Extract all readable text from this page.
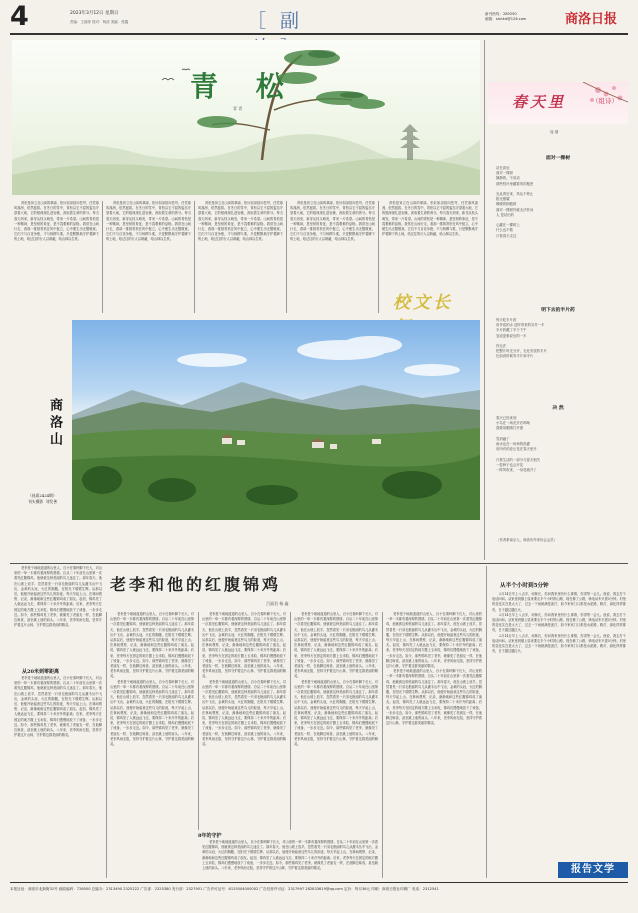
4	2023年3月12日 星期日
责编：王丽萍 校对：杨清 美编：张鑫	［副	新刊热线：289250
邮箱：slshkd@126.com	商洛日报
青 松
青 青

青松是耸立在山岗的翠绿，松针如剑指向苍穹，任凭寒风凛冽，依然挺拔。在冬日的雪中，青松以它不屈的姿态守望着大地，它的根深深扎进岩缝，汲取着生命的养分。每当春天到来，新芽从枝头萌发，带来一片希望。山间的青松是一种精神，是坚韧的象征，是不畏艰难的品格。我常在山间行走，看那一排排青松在风中挺立，心中便生出无限敬意。它们不与百花争艳，不与杨柳斗柔，只是默默地守护着脚下的土地，给过往的行人以荫蔽，给山林以生机。

青松是耸立在山岗的翠绿，松针如剑指向苍穹，任凭寒风凛冽，依然挺拔。在冬日的雪中，青松以它不屈的姿态守望着大地，它的根深深扎进岩缝，汲取着生命的养分。每当春天到来，新芽从枝头萌发，带来一片希望。山间的青松是一种精神，是坚韧的象征，是不畏艰难的品格。我常在山间行走，看那一排排青松在风中挺立，心中便生出无限敬意。它们不与百花争艳，不与杨柳斗柔，只是默默地守护着脚下的土地，给过往的行人以荫蔽，给山林以生机。

青松是耸立在山岗的翠绿，松针如剑指向苍穹，任凭寒风凛冽，依然挺拔。在冬日的雪中，青松以它不屈的姿态守望着大地，它的根深深扎进岩缝，汲取着生命的养分。每当春天到来，新芽从枝头萌发，带来一片希望。山间的青松是一种精神，是坚韧的象征，是不畏艰难的品格。我常在山间行走，看那一排排青松在风中挺立，心中便生出无限敬意。它们不与百花争艳，不与杨柳斗柔，只是默默地守护着脚下的土地，给过往的行人以荫蔽，给山林以生机。

青松是耸立在山岗的翠绿，松针如剑指向苍穹，任凭寒风凛冽，依然挺拔。在冬日的雪中，青松以它不屈的姿态守望着大地，它的根深深扎进岩缝，汲取着生命的养分。每当春天到来，新芽从枝头萌发，带来一片希望。山间的青松是一种精神，是坚韧的象征，是不畏艰难的品格。我常在山间行走，看那一排排青松在风中挺立，心中便生出无限敬意。它们不与百花争艳，不与杨柳斗柔，只是默默地守护着脚下的土地，给过往的行人以荫蔽，给山林以生机。

青松是耸立在山岗的翠绿，松针如剑指向苍穹，任凭寒风凛冽，依然挺拔。在冬日的雪中，青松以它不屈的姿态守望着大地，它的根深深扎进岩缝，汲取着生命的养分。每当春天到来，新芽从枝头萌发，带来一片希望。山间的青松是一种精神，是坚韧的象征，是不畏艰难的品格。我常在山间行走，看那一排排青松在风中挺立，心中便生出无限敬意。它们不与百花争艳，不与杨柳斗柔，只是默默地守护着脚下的土地，给过往的行人以荫蔽，给山林以生机。

校文长
商洛山
（丝质2424期）
刊头摄影  刘发善
春天里	（组诗）
庞 瑞
面对一棵树
站在高处
面对一棵树
静静的，不说话
那些枝叶里藏着风的秘密

光从背后来，风从不停止
阳光照耀
暖暖的拥抱树
面对一棵树你就无法转身
人 是站出的

心藏在一棵树上
什么也不做
只看春天走过
明下去的半片药
每天吃半片药
用矛盾的水 送时带来的另外一半
半片药藏了半个下午
变成更难说出的一半

你无法
把整片时光分开，无处安放的半片
比如说时候有半片和半片
决 然
春天已经来到
小鸟在一场花开后鸣啭
我要用眼睛打开窗

雪消融了
雨水也在一场场的洗濯
用所有的爱让花在春天里开

只要生活的一部分与春天相关
一粒种子也会开花
一阵风吹来，一朵花就开了
（作者系南京人，商洛市作家协会会员）
老李和他的红腹锦鸡
吕丽君 杨 鑫

老李是个地地道道的山里人，自小在秦岭脚下长大，对山里的一草一木都有着深厚的感情。自从二十年前在山里第一次看见红腹锦鸡，他就被这种美丽的鸟儿迷住了。那年春天，他在山坡上放羊，忽然看见一只羽毛艳丽的鸟儿从灌木丛中飞出，金黄的头冠，火红的胸腹，在阳光下熠熠生辉。从那以后，他便开始留意这些鸟儿的踪迹，每天早起上山，在林间观察、记录，渐渐地和这些红腹锦鸡成了朋友。起初，锦鸡见了人就远远飞走，要保持二十米开外的距离；后来，老李每天在固定的地方撒上玉米粒，锦鸡们慢慢地放下了戒备，一步步走近。如今，那些锦鸡见了老李，就像见了老朋友一样，在他脚边啄食，甚至跳上他的肩头。八年来，老李风雨无阻，坚持守护着这片山林，守护着这群美丽的精灵。

从20米到零距离

老李是个地地道道的山里人，自小在秦岭脚下长大，对山里的一草一木都有着深厚的感情。自从二十年前在山里第一次看见红腹锦鸡，他就被这种美丽的鸟儿迷住了。那年春天，他在山坡上放羊，忽然看见一只羽毛艳丽的鸟儿从灌木丛中飞出，金黄的头冠，火红的胸腹，在阳光下熠熠生辉。从那以后，他便开始留意这些鸟儿的踪迹，每天早起上山，在林间观察、记录，渐渐地和这些红腹锦鸡成了朋友。起初，锦鸡见了人就远远飞走，要保持二十米开外的距离；后来，老李每天在固定的地方撒上玉米粒，锦鸡们慢慢地放下了戒备，一步步走近。如今，那些锦鸡见了老李，就像见了老朋友一样，在他脚边啄食，甚至跳上他的肩头。八年来，老李风雨无阻，坚持守护着这片山林，守护着这群美丽的精灵。

老李是个地地道道的山里人，自小在秦岭脚下长大，对山里的一草一木都有着深厚的感情。自从二十年前在山里第一次看见红腹锦鸡，他就被这种美丽的鸟儿迷住了。那年春天，他在山坡上放羊，忽然看见一只羽毛艳丽的鸟儿从灌木丛中飞出，金黄的头冠，火红的胸腹，在阳光下熠熠生辉。从那以后，他便开始留意这些鸟儿的踪迹，每天早起上山，在林间观察、记录，渐渐地和这些红腹锦鸡成了朋友。起初，锦鸡见了人就远远飞走，要保持二十米开外的距离；后来，老李每天在固定的地方撒上玉米粒，锦鸡们慢慢地放下了戒备，一步步走近。如今，那些锦鸡见了老李，就像见了老朋友一样，在他脚边啄食，甚至跳上他的肩头。八年来，老李风雨无阻，坚持守护着这片山林，守护着这群美丽的精灵。

老李是个地地道道的山里人，自小在秦岭脚下长大，对山里的一草一木都有着深厚的感情。自从二十年前在山里第一次看见红腹锦鸡，他就被这种美丽的鸟儿迷住了。那年春天，他在山坡上放羊，忽然看见一只羽毛艳丽的鸟儿从灌木丛中飞出，金黄的头冠，火红的胸腹，在阳光下熠熠生辉。从那以后，他便开始留意这些鸟儿的踪迹，每天早起上山，在林间观察、记录，渐渐地和这些红腹锦鸡成了朋友。起初，锦鸡见了人就远远飞走，要保持二十米开外的距离；后来，老李每天在固定的地方撒上玉米粒，锦鸡们慢慢地放下了戒备，一步步走近。如今，那些锦鸡见了老李，就像见了老朋友一样，在他脚边啄食，甚至跳上他的肩头。八年来，老李风雨无阻，坚持守护着这片山林，守护着这群美丽的精灵。

老李是个地地道道的山里人，自小在秦岭脚下长大，对山里的一草一木都有着深厚的感情。自从二十年前在山里第一次看见红腹锦鸡，他就被这种美丽的鸟儿迷住了。那年春天，他在山坡上放羊，忽然看见一只羽毛艳丽的鸟儿从灌木丛中飞出，金黄的头冠，火红的胸腹，在阳光下熠熠生辉。从那以后，他便开始留意这些鸟儿的踪迹，每天早起上山，在林间观察、记录，渐渐地和这些红腹锦鸡成了朋友。起初，锦鸡见了人就远远飞走，要保持二十米开外的距离；后来，老李每天在固定的地方撒上玉米粒，锦鸡们慢慢地放下了戒备，一步步走近。如今，那些锦鸡见了老李，就像见了老朋友一样，在他脚边啄食，甚至跳上他的肩头。八年来，老李风雨无阻，坚持守护着这片山林，守护着这群美丽的精灵。

老李是个地地道道的山里人，自小在秦岭脚下长大，对山里的一草一木都有着深厚的感情。自从二十年前在山里第一次看见红腹锦鸡，他就被这种美丽的鸟儿迷住了。那年春天，他在山坡上放羊，忽然看见一只羽毛艳丽的鸟儿从灌木丛中飞出，金黄的头冠，火红的胸腹，在阳光下熠熠生辉。从那以后，他便开始留意这些鸟儿的踪迹，每天早起上山，在林间观察、记录，渐渐地和这些红腹锦鸡成了朋友。起初，锦鸡见了人就远远飞走，要保持二十米开外的距离；后来，老李每天在固定的地方撒上玉米粒，锦鸡们慢慢地放下了戒备，一步步走近。如今，那些锦鸡见了老李，就像见了老朋友一样，在他脚边啄食，甚至跳上他的肩头。八年来，老李风雨无阻，坚持守护着这片山林，守护着这群美丽的精灵。

8年的守护

老李是个地地道道的山里人，自小在秦岭脚下长大，对山里的一草一木都有着深厚的感情。自从二十年前在山里第一次看见红腹锦鸡，他就被这种美丽的鸟儿迷住了。那年春天，他在山坡上放羊，忽然看见一只羽毛艳丽的鸟儿从灌木丛中飞出，金黄的头冠，火红的胸腹，在阳光下熠熠生辉。从那以后，他便开始留意这些鸟儿的踪迹，每天早起上山，在林间观察、记录，渐渐地和这些红腹锦鸡成了朋友。起初，锦鸡见了人就远远飞走，要保持二十米开外的距离；后来，老李每天在固定的地方撒上玉米粒，锦鸡们慢慢地放下了戒备，一步步走近。如今，那些锦鸡见了老李，就像见了老朋友一样，在他脚边啄食，甚至跳上他的肩头。八年来，老李风雨无阻，坚持守护着这片山林，守护着这群美丽的精灵。

老李是个地地道道的山里人，自小在秦岭脚下长大，对山里的一草一木都有着深厚的感情。自从二十年前在山里第一次看见红腹锦鸡，他就被这种美丽的鸟儿迷住了。那年春天，他在山坡上放羊，忽然看见一只羽毛艳丽的鸟儿从灌木丛中飞出，金黄的头冠，火红的胸腹，在阳光下熠熠生辉。从那以后，他便开始留意这些鸟儿的踪迹，每天早起上山，在林间观察、记录，渐渐地和这些红腹锦鸡成了朋友。起初，锦鸡见了人就远远飞走，要保持二十米开外的距离；后来，老李每天在固定的地方撒上玉米粒，锦鸡们慢慢地放下了戒备，一步步走近。如今，那些锦鸡见了老李，就像见了老朋友一样，在他脚边啄食，甚至跳上他的肩头。八年来，老李风雨无阻，坚持守护着这片山林，守护着这群美丽的精灵。

老李是个地地道道的山里人，自小在秦岭脚下长大，对山里的一草一木都有着深厚的感情。自从二十年前在山里第一次看见红腹锦鸡，他就被这种美丽的鸟儿迷住了。那年春天，他在山坡上放羊，忽然看见一只羽毛艳丽的鸟儿从灌木丛中飞出，金黄的头冠，火红的胸腹，在阳光下熠熠生辉。从那以后，他便开始留意这些鸟儿的踪迹，每天早起上山，在林间观察、记录，渐渐地和这些红腹锦鸡成了朋友。起初，锦鸡见了人就远远飞走，要保持二十米开外的距离；后来，老李每天在固定的地方撒上玉米粒，锦鸡们慢慢地放下了戒备，一步步走近。如今，那些锦鸡见了老李，就像见了老朋友一样，在他脚边啄食，甚至跳上他的肩头。八年来，老李风雨无阻，坚持守护着这片山林，守护着这群美丽的精灵。

老李是个地地道道的山里人，自小在秦岭脚下长大，对山里的一草一木都有着深厚的感情。自从二十年前在山里第一次看见红腹锦鸡，他就被这种美丽的鸟儿迷住了。那年春天，他在山坡上放羊，忽然看见一只羽毛艳丽的鸟儿从灌木丛中飞出，金黄的头冠，火红的胸腹，在阳光下熠熠生辉。从那以后，他便开始留意这些鸟儿的踪迹，每天早起上山，在林间观察、记录，渐渐地和这些红腹锦鸡成了朋友。起初，锦鸡见了人就远远飞走，要保持二十米开外的距离；后来，老李每天在固定的地方撒上玉米粒，锦鸡们慢慢地放下了戒备，一步步走近。如今，那些锦鸡见了老李，就像见了老朋友一样，在他脚边啄食，甚至跳上他的肩头。八年来，老李风雨无阻，坚持守护着这片山林，守护着这群美丽的精灵。

老李是个地地道道的山里人，自小在秦岭脚下长大，对山里的一草一木都有着深厚的感情。自从二十年前在山里第一次看见红腹锦鸡，他就被这种美丽的鸟儿迷住了。那年春天，他在山坡上放羊，忽然看见一只羽毛艳丽的鸟儿从灌木丛中飞出，金黄的头冠，火红的胸腹，在阳光下熠熠生辉。从那以后，他便开始留意这些鸟儿的踪迹，每天早起上山，在林间观察、记录，渐渐地和这些红腹锦鸡成了朋友。起初，锦鸡见了人就远远飞走，要保持二十米开外的距离；后来，老李每天在固定的地方撒上玉米粒，锦鸡们慢慢地放下了戒备，一步步走近。如今，那些锦鸡见了老李，就像见了老朋友一样，在他脚边啄食，甚至跳上他的肩头。八年来，老李风雨无阻，坚持守护着这片山林，守护着这群美丽的精灵。

从半个小时到5分钟

2月14日早上八点多，何林长，你问我家里有什么事情，你得等一会儿。他说，我去打个电话问问。从家里到镇上原来要走半个小时的山路，现在修了公路，骑电动车只需5分钟。村里的变化实在是太大了，过去一下雨就满是泥泞，如今家家门口都是水泥路，路灯、绿化样样都有，日子越过越红火。

2月14日早上八点多，何林长，你问我家里有什么事情，你得等一会儿。他说，我去打个电话问问。从家里到镇上原来要走半个小时的山路，现在修了公路，骑电动车只需5分钟。村里的变化实在是太大了，过去一下雨就满是泥泞，如今家家门口都是水泥路，路灯、绿化样样都有，日子越过越红火。

2月14日早上八点多，何林长，你问我家里有什么事情，你得等一会儿。他说，我去打个电话问问。从家里到镇上原来要走半个小时的山路，现在修了公路，骑电动车只需5分钟。村里的变化实在是太大了，过去一下雨就满是泥泞，如今家家门口都是水泥路，路灯、绿化样样都有，日子越过越红火。

报告文学
本报社址：商洛市北新街32号 邮政编码：726000 总编办：2313490 2325222 广告部：2325380 发行部：2327901 广告许可证号：6125004000002 广告经营许可证：2317997 282833619@qq.com 定价：每月36元 印刷：商洛日报社印刷厂 电话：2312541
